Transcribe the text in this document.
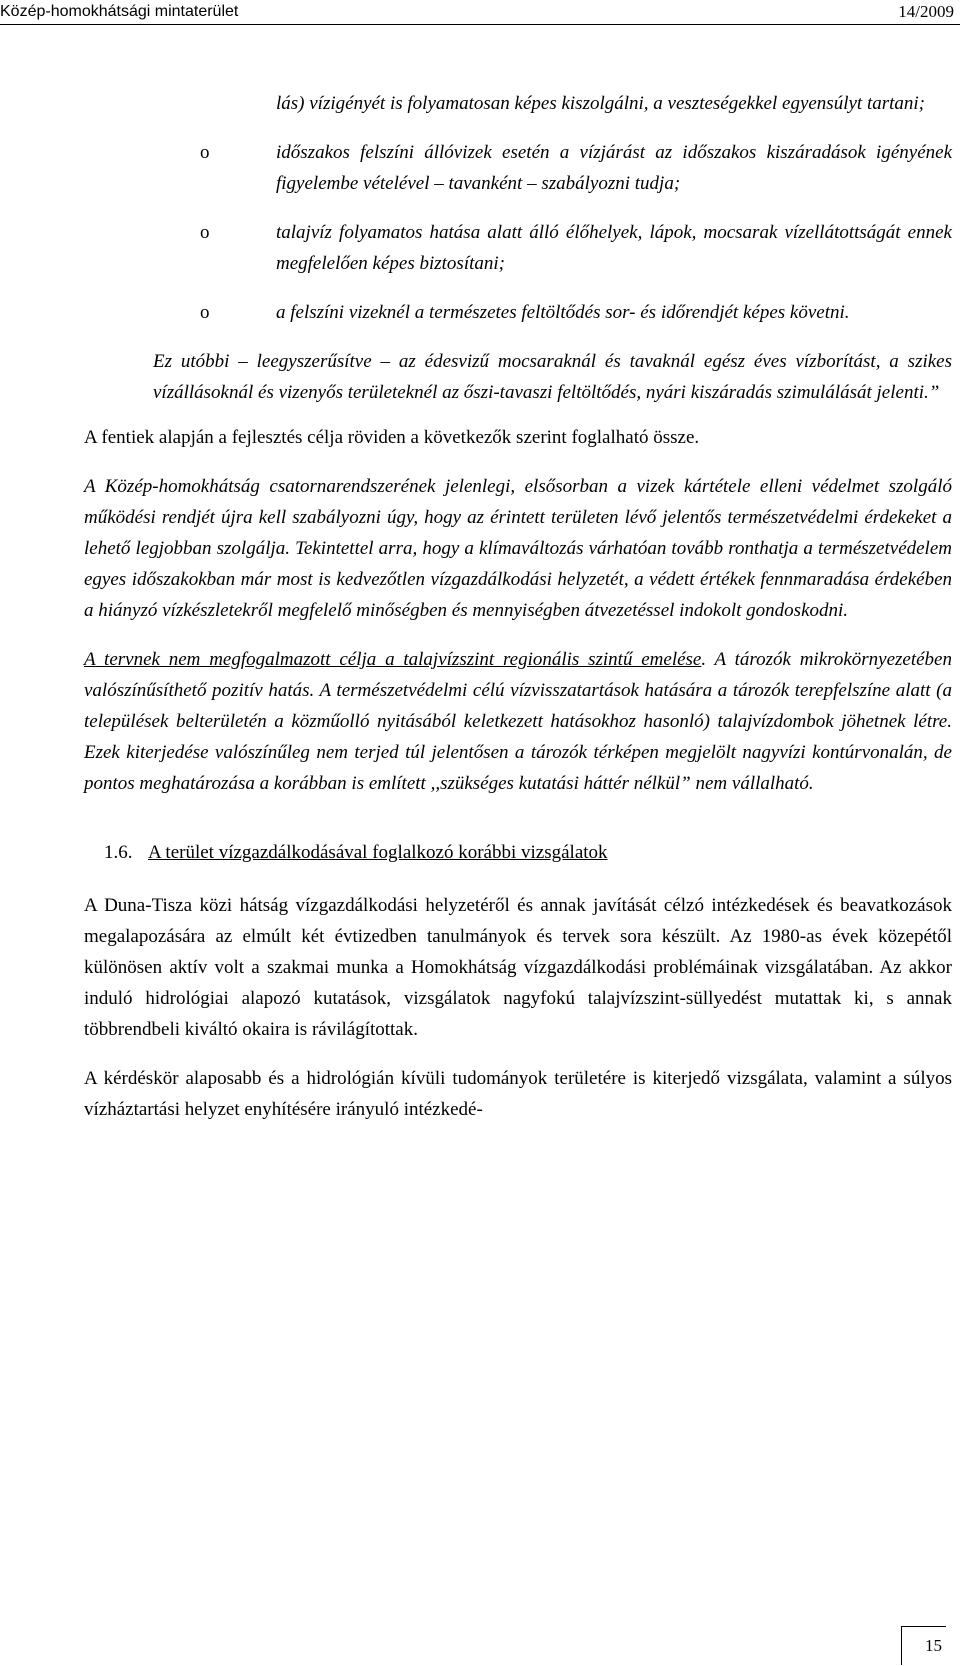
Közép-homokhátsági mintaterület	14/2009

lás) vízigényét is folyamatosan képes kiszolgálni, a veszteségekkel egyensúlyt tartani;

o	időszakos felszíni állóvizek esetén a vízjárást az időszakos kiszáradások igényének figyelembe vételével – tavanként – szabályozni tudja;
o	talajvíz folyamatos hatása alatt álló élőhelyek, lápok, mocsarak vízellátottságát ennek megfelelően képes biztosítani;
o	a felszíni vizeknél a természetes feltöltődés sor- és időrendjét képes követni.

Ez utóbbi – leegyszerűsítve – az édesvizű mocsaraknál és tavaknál egész éves vízborítást, a szikes vízállásoknál és vizenyős területeknél az őszi-tavaszi feltöltődés, nyári kiszáradás szimulálását jelenti.”

A fentiek alapján a fejlesztés célja röviden a következők szerint foglalható össze.

A Közép-homokhátság csatornarendszerének jelenlegi, elsősorban a vizek kártétele elleni védelmet szolgáló működési rendjét újra kell szabályozni úgy, hogy az érintett területen lévő jelentős természetvédelmi érdekeket a lehető legjobban szolgálja. Tekintettel arra, hogy a klímaváltozás várhatóan tovább ronthatja a természetvédelem egyes időszakokban már most is kedvezőtlen vízgazdálkodási helyzetét, a védett értékek fennmaradása érdekében a hiányzó vízkészletekről megfelelő minőségben és mennyiségben átvezetéssel indokolt gondoskodni.

A tervnek nem megfogalmazott célja a talajvízszint regionális szintű emelése. A tározók mikrokörnyezetében valószínűsíthető pozitív hatás. A természetvédelmi célú vízvisszatartások hatására a tározók terepfelszíne alatt (a települések belterületén a közműolló nyitásából keletkezett hatásokhoz hasonló) talajvízdombok jöhetnek létre. Ezek kiterjedése valószínűleg nem terjed túl jelentősen a tározók térképen megjelölt nagyvízi kontúrvonalán, de pontos meghatározása a korábban is említett ,,szükséges kutatási háttér nélkül” nem vállalható.

1.6. A terület vízgazdálkodásával foglalkozó korábbi vizsgálatok

A Duna-Tisza közi hátság vízgazdálkodási helyzetéről és annak javítását célzó intézkedések és beavatkozások megalapozására az elmúlt két évtizedben tanulmányok és tervek sora készült. Az 1980-as évek közepétől különösen aktív volt a szakmai munka a Homokhátság vízgazdálkodási problémáinak vizsgálatában. Az akkor induló hidrológiai alapozó kutatások, vizsgálatok nagyfokú talajvízszint-süllyedést mutattak ki, s annak többrendbeli kiváltó okaira is rávilágítottak.

A kérdéskör alaposabb és a hidrológián kívüli tudományok területére is kiterjedő vizsgálata, valamint a súlyos vízháztartási helyzet enyhítésére irányuló intézkedé-

15
